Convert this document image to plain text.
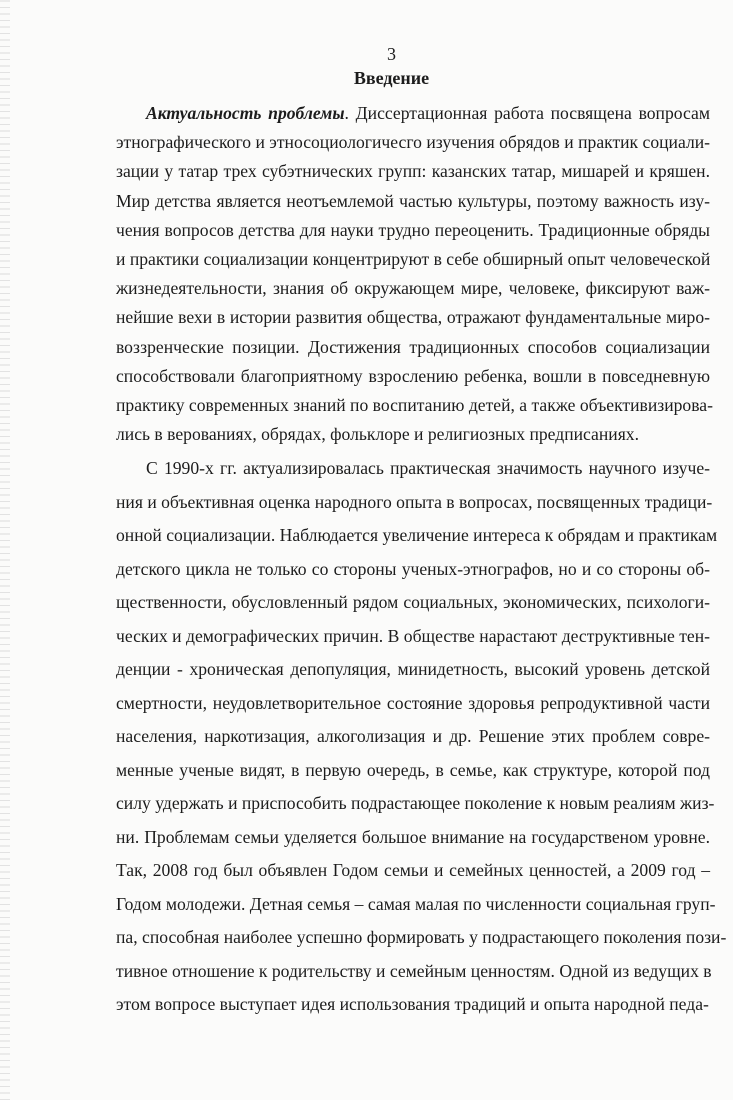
3
Введение
Актуальность проблемы. Диссертационная работа посвящена вопросам
этнографического и этносоциологичесго изучения обрядов и практик социали-
зации у татар трех субэтнических групп: казанских татар, мишарей и кряшен.
Мир детства является неотъемлемой частью культуры, поэтому важность изу-
чения вопросов детства для науки трудно переоценить. Традиционные обряды
и практики социализации концентрируют в себе обширный опыт человеческой
жизнедеятельности, знания об окружающем мире, человеке, фиксируют важ-
нейшие вехи в истории развития общества, отражают фундаментальные миро-
воззренческие позиции. Достижения традиционных способов социализации
способствовали благоприятному взрослению ребенка, вошли в повседневную
практику современных знаний по воспитанию детей, а также объективизирова-
лись в верованиях, обрядах, фольклоре и религиозных предписаниях.
С 1990-х гг. актуализировалась практическая значимость научного изуче-
ния и объективная оценка народного опыта в вопросах, посвященных традици-
онной социализации. Наблюдается увеличение интереса к обрядам и практикам
детского цикла не только со стороны ученых-этнографов, но и со стороны об-
щественности, обусловленный рядом социальных, экономических, психологи-
ческих и демографических причин. В обществе нарастают деструктивные тен-
денции - хроническая депопуляция, минидетность, высокий уровень детской
смертности, неудовлетворительное состояние здоровья репродуктивной части
населения, наркотизация, алкоголизация и др. Решение этих проблем совре-
менные ученые видят, в первую очередь, в семье, как структуре, которой под
силу удержать и приспособить подрастающее поколение к новым реалиям жиз-
ни. Проблемам семьи уделяется большое внимание на государственом уровне.
Так, 2008 год был объявлен Годом семьи и семейных ценностей, а 2009 год –
Годом молодежи. Детная семья – самая малая по численности социальная груп-
па, способная наиболее успешно формировать у подрастающего поколения пози-
тивное отношение к родительству и семейным ценностям. Одной из ведущих в
этом вопросе выступает идея использования традиций и опыта народной педа-
